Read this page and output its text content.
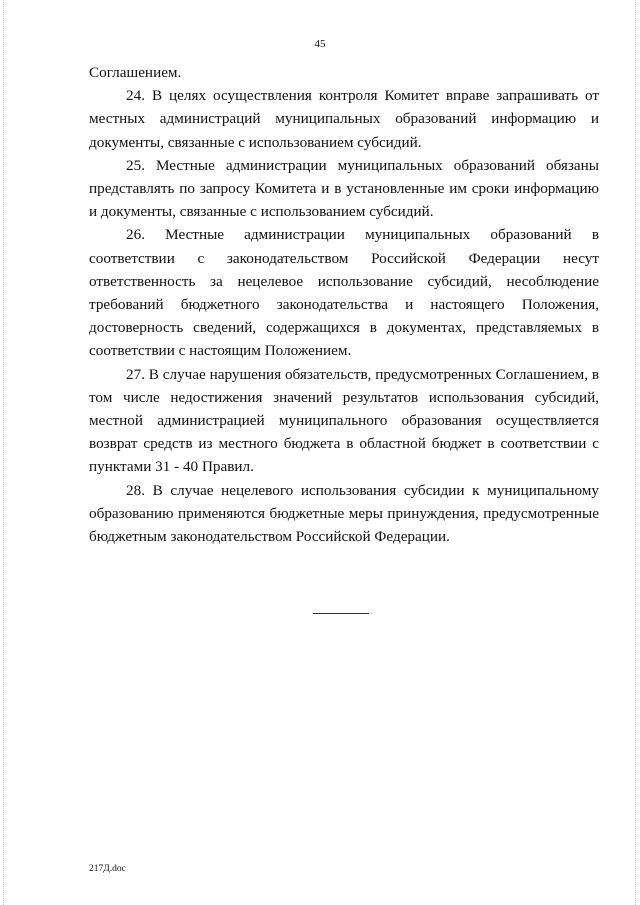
45

Соглашением.

24. В целях осуществления контроля Комитет вправе запрашивать от местных администраций муниципальных образований информацию и документы, связанные с использованием субсидий.

25. Местные администрации муниципальных образований обязаны представлять по запросу Комитета и в установленные им сроки информацию и документы, связанные с использованием субсидий.

26. Местные администрации муниципальных образований в соответствии с законодательством Российской Федерации несут ответственность за нецелевое использование субсидий, несоблюдение требований бюджетного законодательства и настоящего Положения, достоверность сведений, содержащихся в документах, представляемых в соответствии с настоящим Положением.

27. В случае нарушения обязательств, предусмотренных Соглашением, в том числе недостижения значений результатов использования субсидий, местной администрацией муниципального образования осуществляется возврат средств из местного бюджета в областной бюджет в соответствии с пунктами 31 - 40 Правил.

28. В случае нецелевого использования субсидии к муниципальному образованию применяются бюджетные меры принуждения, предусмотренные бюджетным законодательством Российской Федерации.

217Д.doc
